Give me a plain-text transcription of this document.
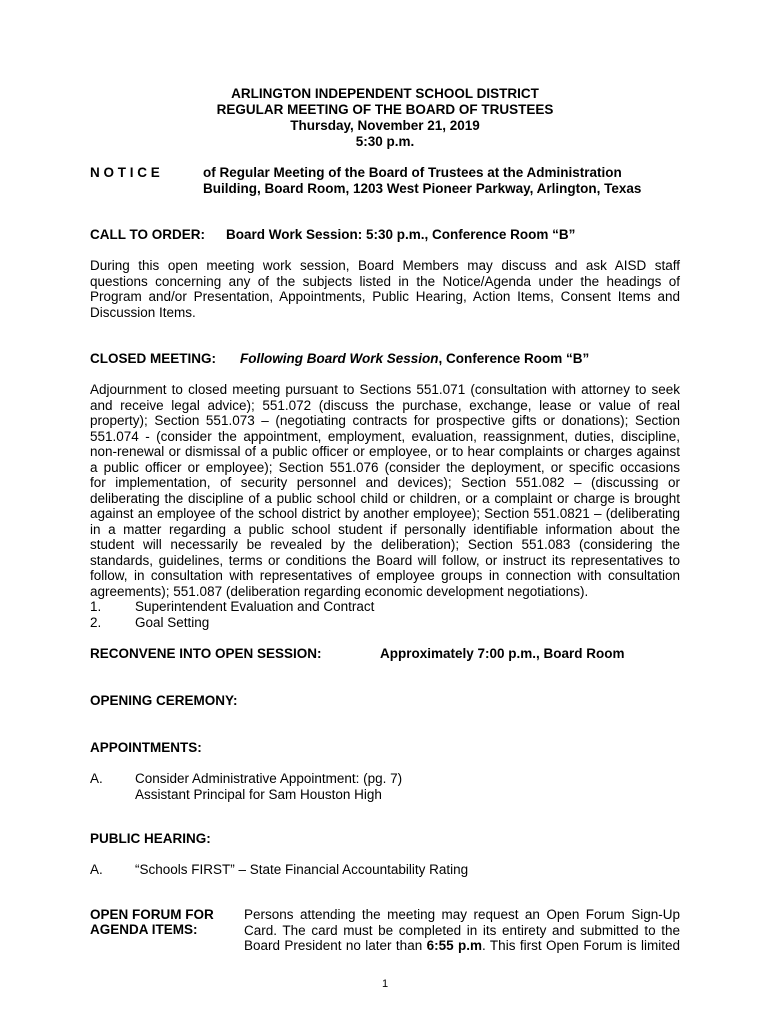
ARLINGTON INDEPENDENT SCHOOL DISTRICT
REGULAR MEETING OF THE BOARD OF TRUSTEES
Thursday, November 21, 2019
5:30 p.m.
N O T I C E	of Regular Meeting of the Board of Trustees at the Administration
Building, Board Room, 1203 West Pioneer Parkway, Arlington, Texas
CALL TO ORDER: Board Work Session: 5:30 p.m., Conference Room “B”
During this open meeting work session, Board Members may discuss and ask AISD staff
questions concerning any of the subjects listed in the Notice/Agenda under the headings of
Program and/or Presentation, Appointments, Public Hearing, Action Items, Consent Items and
Discussion Items.
CLOSED MEETING: Following Board Work Session, Conference Room “B”
Adjournment to closed meeting pursuant to Sections 551.071 (consultation with attorney to seek
and receive legal advice); 551.072 (discuss the purchase, exchange, lease or value of real
property); Section 551.073 – (negotiating contracts for prospective gifts or donations); Section
551.074 - (consider the appointment, employment, evaluation, reassignment, duties, discipline,
non-renewal or dismissal of a public officer or employee, or to hear complaints or charges against
a public officer or employee); Section 551.076 (consider the deployment, or specific occasions
for implementation, of security personnel and devices); Section 551.082 – (discussing or
deliberating the discipline of a public school child or children, or a complaint or charge is brought
against an employee of the school district by another employee); Section 551.0821 – (deliberating
in a matter regarding a public school student if personally identifiable information about the
student will necessarily be revealed by the deliberation); Section 551.083 (considering the
standards, guidelines, terms or conditions the Board will follow, or instruct its representatives to
follow, in consultation with representatives of employee groups in connection with consultation
agreements); 551.087 (deliberation regarding economic development negotiations).
1. Superintendent Evaluation and Contract
2. Goal Setting
RECONVENE INTO OPEN SESSION:	Approximately 7:00 p.m., Board Room
OPENING CEREMONY:
APPOINTMENTS:
A. Consider Administrative Appointment: (pg. 7)
Assistant Principal for Sam Houston High
PUBLIC HEARING:
A. “Schools FIRST” – State Financial Accountability Rating
OPEN FORUM FOR
AGENDA ITEMS:
Persons attending the meeting may request an Open Forum Sign-Up
Card. The card must be completed in its entirety and submitted to the
Board President no later than 6:55 p.m. This first Open Forum is limited
1
